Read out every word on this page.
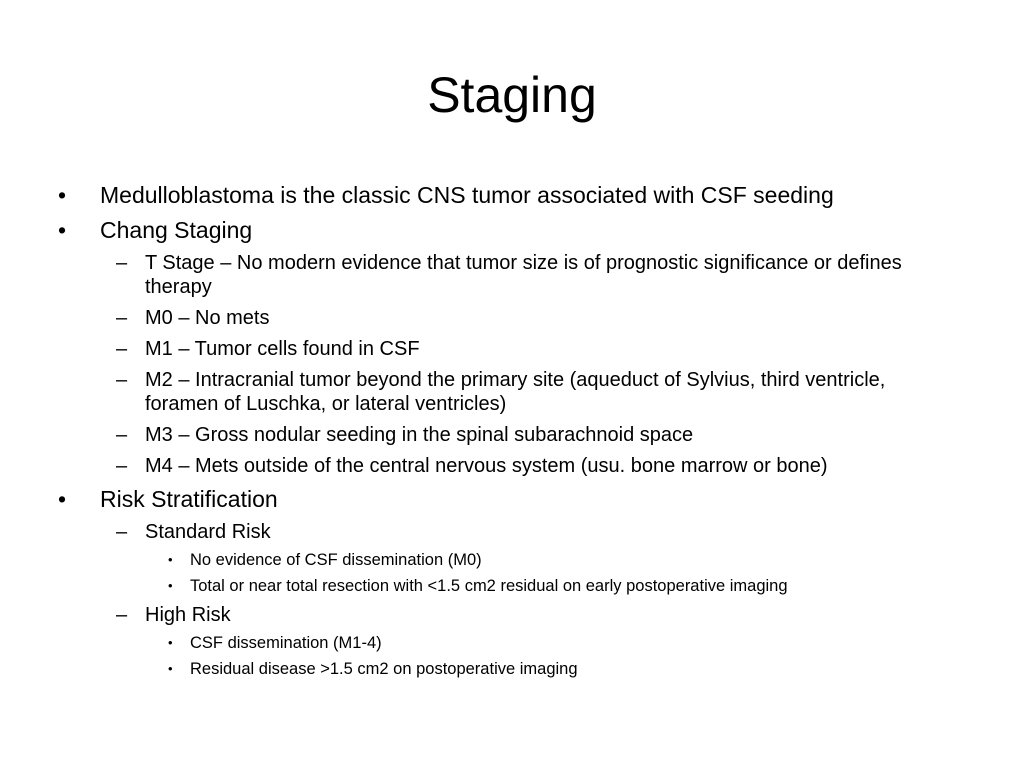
Staging
•	Medulloblastoma is the classic CNS tumor associated with CSF seeding
•	Chang Staging
– T Stage – No modern evidence that tumor size is of prognostic significance or defines therapy
– M0 – No mets
– M1 – Tumor cells found in CSF
– M2 – Intracranial tumor beyond the primary site (aqueduct of Sylvius, third ventricle, foramen of Luschka, or lateral ventricles)
– M3 – Gross nodular seeding in the spinal subarachnoid space
– M4 – Mets outside of the central nervous system (usu. bone marrow or bone)
•	Risk Stratification
– Standard Risk
•	No evidence of CSF dissemination (M0)
•	Total or near total resection with <1.5 cm2 residual on early postoperative imaging
– High Risk
•	CSF dissemination (M1-4)
•	Residual disease >1.5 cm2 on postoperative imaging
